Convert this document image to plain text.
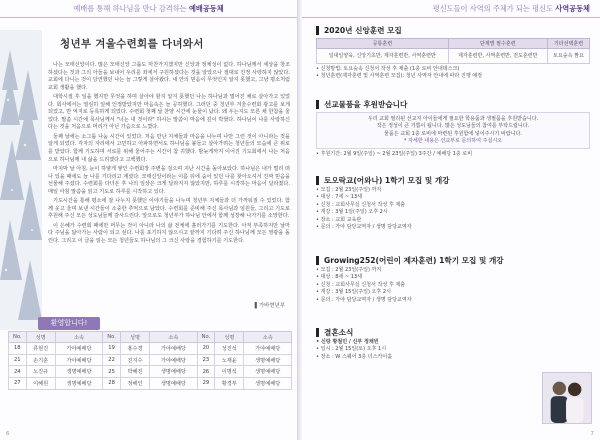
예배를 통해 하나님을 만나 감격하는 예배공동체
청년부 겨울수련회를 다녀와서

나는 모태신앙이다. 많은 모태신앙 그룹도 마찬가지겠지만 신앙과 정체성이 없다. 하나님께서 세상을 창조하셨다는 것과 그의 아들을 보내어 우리를 죄에서 구원하셨다는 것을 알았으나 절대로 진정 사랑하지 않았다. 교회에 다니는 것이 당연했던 나는 늘 그렇게 살아왔다. 내 안의 믿음이 무엇인지 알지 못했고, 그냥 평소처럼 교회 생활을 했다.

대학시절 후 일을 했지만 무엇을 하며 살아야 할지 알지 못했던 나는 하나님과 멀어진 채로 살아가고 있었다. 회사에서는 열심히 일해 인정받았지만 마음속은 늘 공허했다. 그러던 중 청년부 겨울수련회 광고를 보게 되었고, 반 억지로 등록하게 되었다. 수련회 첫째 날 찬양 시간에 눈물이 났다. 왜 우는지도 모른 채 한참을 울었다. 말씀 시간에 목사님께서 "너는 내 것이라" 하시는 말씀이 마음에 깊이 박혔다. 하나님이 나를 사랑하신다는 것을 처음으로 머리가 아닌 가슴으로 느꼈다.

둘째 날에는 소그룹 나눔 시간이 있었다. 처음 만난 지체들과 마음을 나누며 나만 그런 것이 아니라는 것을 알게 되었다. 각자의 자리에서 고민하고 아파하면서도 하나님을 붙들고 살아가려는 청년들의 모습에 큰 위로를 받았다. 함께 기도하며 서로를 위해 울어주는 시간이 참 귀했다. 밤늦게까지 이어진 기도회에서 나는 처음으로 하나님께 내 삶을 드리겠다고 고백했다.

마지막 날 아침, 눈이 하얗게 쌓인 수련회장 주변을 걸으며 지난 시간을 돌아보았다. 하나님은 내가 멀리 떠나 있을 때에도 늘 나를 기다리고 계셨다. 모태신앙이라는 이름 뒤에 숨어 있던 나를 찾아오셔서 진짜 믿음을 선물해 주셨다. 수련회를 다녀온 후 나의 일상은 크게 달라지지 않았지만, 하루를 시작하는 마음이 달라졌다. 매일 아침 말씀을 읽고 기도로 하루를 시작하고 있다.

기도시간을 통해 평소에 잘 나누지 못했던 이야기들을 나누며 청년부 지체들과 더 가까워질 수 있었다. 함께 웃고 울며 보낸 시간들이 소중한 추억으로 남았다. 수련회를 준비해 주신 목사님과 임원들, 그리고 기도로 후원해 주신 모든 성도님들께 감사드린다. 앞으로도 청년부가 하나님 안에서 함께 성장해 나가기를 소망한다.

이 은혜가 수련회 때에만 머무는 것이 아니라 나의 삶 전체에 흘러가기를 기도한다. 아직 부족하지만 날마다 주님을 닮아가는 사람이 되고 싶다. 나를 포기하지 않으시고 끝까지 기다려 주신 하나님께 모든 영광을 돌린다. 그리고 이 글을 읽는 모든 청년들도 하나님의 그 크신 사랑을 경험하기를 기도한다.

▌가바현년부
환영합니다!
No.	성명	소속	No.	성명	소속	No.	성명	소속
18	류현진	가야예배당	19	홍수경	가야예배당	20	성진석	가야예배당
21	손기훈	가야예배당	22	진지수	가야예배당	23	노재윤	생명예배당
24	노진규	생명예배당	25	박혜진	생명예배당	26	이명석	생명예배당
27	이혜원	생명예배당	28	정해인	생명예배당	29	황경부	생명예배당
6
평신도들이 사역의 주체가 되는 평신도 사역공동체
2020년 신앙훈련 모집
공통훈련	단계별 필수훈련	기타선택훈련
일대일양육, 신앙기초반, 제자훈련반, 사역훈련반	제자훈련반, 사역훈련반, 전도훈련반	토요숲속 짬요
• 신청방법: 토요숲속 신청서 작성 후 제출 (1층 로비 안내데스크)
• 청년훈련(제자훈련 및 사역훈련 모집): 청년 사역자 안내에 따라 진행 예정
선교물품을 후원받습니다
우리 교회 필리핀 선교지 아이들에게 필요한 학용품과 생필품을 후원받습니다.
작은 정성이 큰 기쁨이 됩니다. 많은 성도님들의 참여를 부탁드립니다.
물품은 교회 1층 로비에 마련된 후원함에 넣어주시기 바랍니다.
* 자세한 내용은 선교부로 문의하여 주십시오
• 후원기간: 2월 9일(주일) ~ 2월 23일(주일) 3주간 / 예배당 1층 로비
토오락교(어와나) 1학기 모집 및 개강
• 모집 : 2월 23일(주일) 까지
• 대상 : 7세 ~ 13세
• 신청 : 교회사무실 신청서 작성 후 제출
• 개강 : 3월 1일(주일) 오후 2시
• 장소 : 교회 교육관
• 문의 : 가야 담당교역자 / 생명 담당교역자
Growing252(어린이 제자훈련) 1학기 모집 및 개강
• 모집 : 2월 23일(주일) 까지
• 대상 : 8세 ~ 13세
• 신청 : 교회사무실 신청서 작성 후 제출
• 개강 : 3월 15일(주일) 오후 2시
• 문의 : 가야 담당교역자 / 생명 담당교역자
결혼소식
• 신랑 황철민 / 신부 정채빈
• 일시 : 2월 15일(토) 오후 1시
• 장소 : W 스퀘어 3층 더스카이홀
7
